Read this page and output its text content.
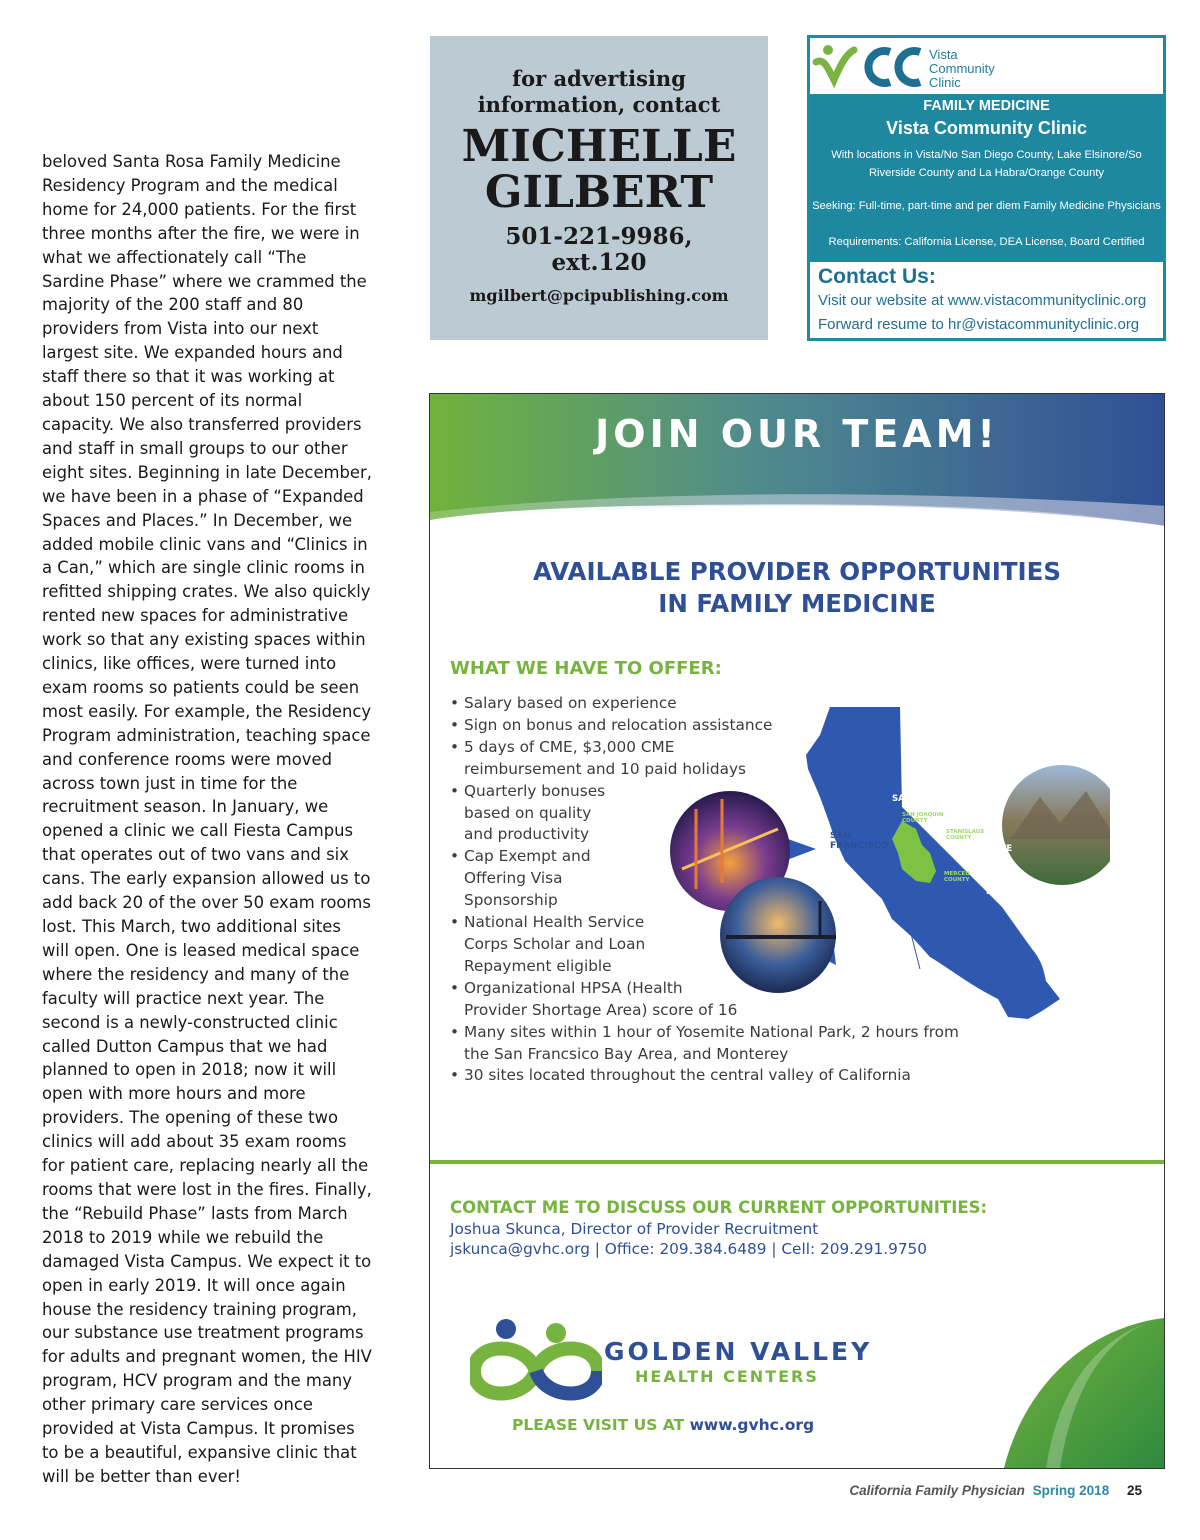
beloved Santa Rosa Family Medicine Residency Program and the medical home for 24,000 patients. For the first three months after the fire, we were in what we affectionately call “The Sardine Phase” where we crammed the majority of the 200 staff and 80 providers from Vista into our next largest site. We expanded hours and staff there so that it was working at about 150 percent of its normal capacity. We also transferred providers and staff in small groups to our other eight sites. Beginning in late December, we have been in a phase of “Expanded Spaces and Places.” In December, we added mobile clinic vans and “Clinics in a Can,” which are single clinic rooms in refitted shipping crates. We also quickly rented new spaces for administrative work so that any existing spaces within clinics, like offices, were turned into exam rooms so patients could be seen most easily. For example, the Residency Program administration, teaching space and conference rooms were moved across town just in time for the recruitment season. In January, we opened a clinic we call Fiesta Campus that operates out of two vans and six cans. The early expansion allowed us to add back 20 of the over 50 exam rooms lost. This March, two additional sites will open. One is leased medical space where the residency and many of the faculty will practice next year. The second is a newly-constructed clinic called Dutton Campus that we had planned to open in 2018; now it will open with more hours and more providers. The opening of these two clinics will add about 35 exam rooms for patient care, replacing nearly all the rooms that were lost in the fires. Finally, the “Rebuild Phase” lasts from March 2018 to 2019 while we rebuild the damaged Vista Campus. We expect it to open in early 2019. It will once again house the residency training program, our substance use treatment programs for adults and pregnant women, the HIV program, HCV program and the many other primary care services once provided at Vista Campus. It promises to be a beautiful, expansive clinic that will be better than ever!

for advertising
information, contact
MICHELLE
GILBERT
501-221-9986,
ext.120
mgilbert@pcipublishing.com
Vista
Community
Clinic
FAMILY MEDICINE
Vista Community Clinic
With locations in Vista/No San Diego County, Lake Elsinore/So Riverside County and La Habra/Orange County
Seeking: Full-time, part-time and per diem Family Medicine Physicians
Requirements: California License, DEA License, Board Certified
Contact Us:
Visit our website at www.vistacommunityclinic.org
Forward resume to hr@vistacommunityclinic.org
JOIN OUR TEAM!
AVAILABLE PROVIDER OPPORTUNITIES
IN FAMILY MEDICINE
WHAT WE HAVE TO OFFER:
• Salary based on experience
• Sign on bonus and relocation assistance
• 5 days of CME, $3,000 CME
reimbursement and 10 paid holidays
• Quarterly bonuses
based on quality
and productivity
• Cap Exempt and
Offering Visa
Sponsorship
• National Health Service
Corps Scholar and Loan
Repayment eligible
• Organizational HPSA (Health
Provider Shortage Area) score of 16
• Many sites within 1 hour of Yosemite National Park, 2 hours from
the San Francsico Bay Area, and Monterey
• 30 sites located throughout the central valley of California
SACRAMENTO
SAN JOAQUIN
COUNTY
STANISLAUS
COUNTY
SAN
FRANCISCO	YOSEMITE
MERCED
COUNTY
FRESNO
CONTACT ME TO DISCUSS OUR CURRENT OPPORTUNITIES:
Joshua Skunca, Director of Provider Recruitment
jskunca@gvhc.org | Office: 209.384.6489 | Cell: 209.291.9750
GOLDEN VALLEY
HEALTH CENTERS
PLEASE VISIT US AT www.gvhc.org
California Family Physician Spring 2018 25
